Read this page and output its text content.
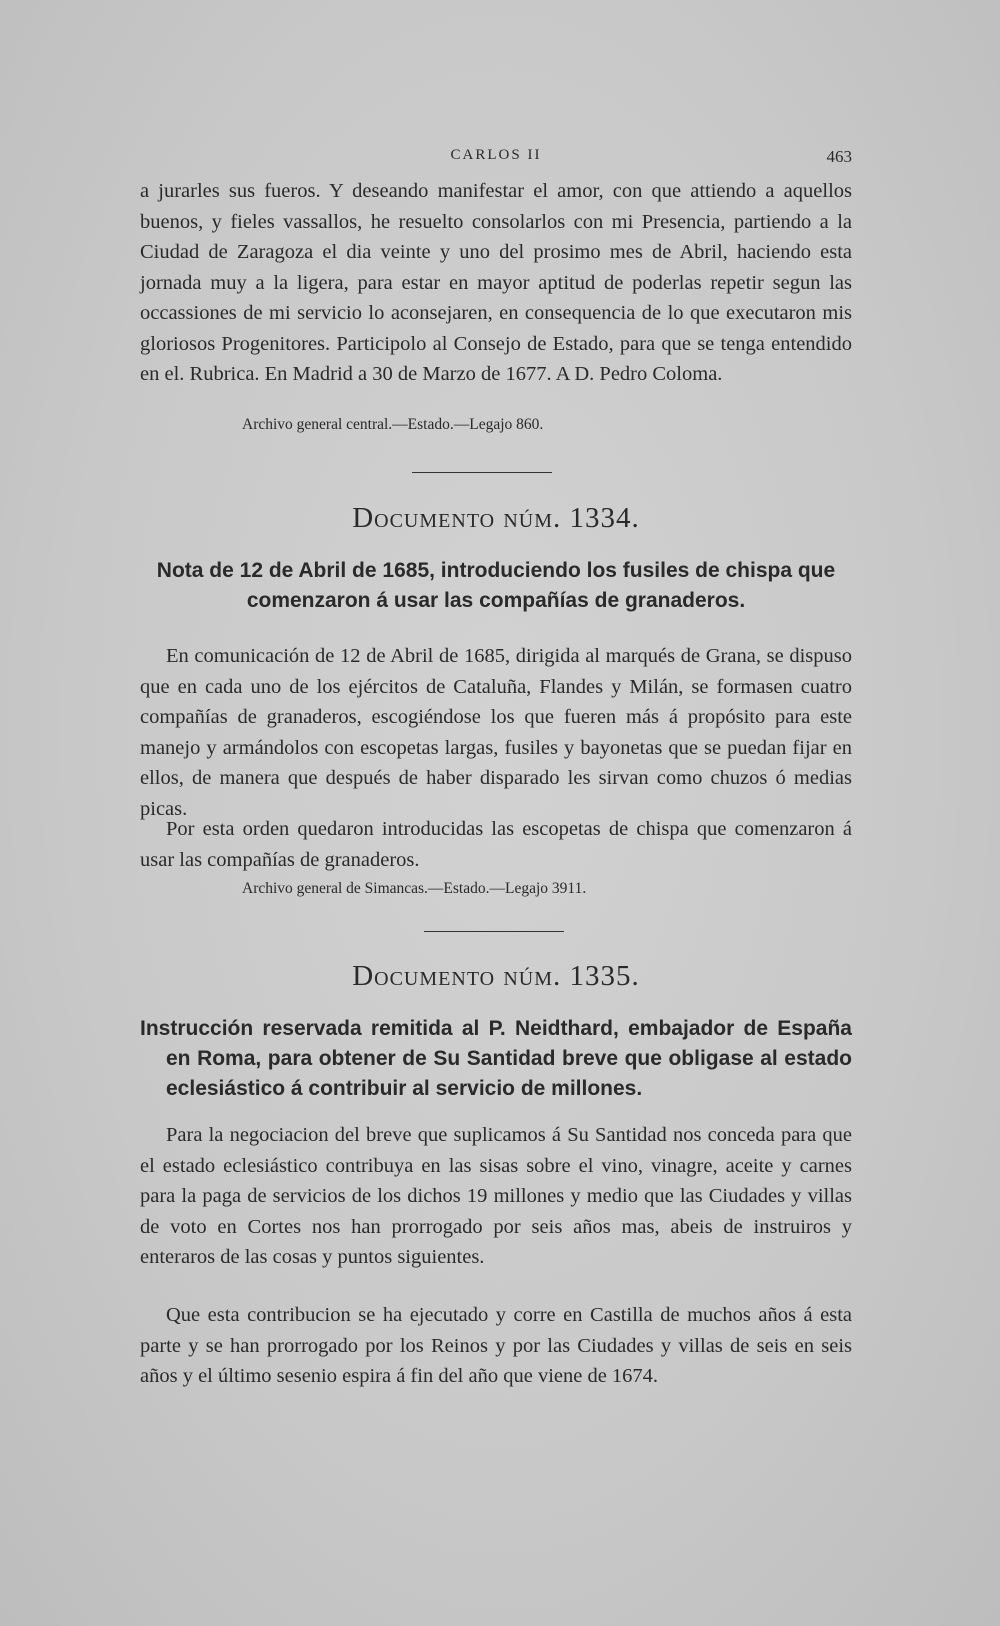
CARLOS II	463

a jurarles sus fueros. Y deseando manifestar el amor, con que attiendo a aquellos buenos, y fieles vassallos, he resuelto consolarlos con mi Presencia, partiendo a la Ciudad de Zaragoza el dia veinte y uno del prosimo mes de Abril, haciendo esta jornada muy a la ligera, para estar en mayor aptitud de poderlas repetir segun las occassiones de mi servicio lo aconsejaren, en consequencia de lo que executaron mis gloriosos Progenitores. Participolo al Consejo de Estado, para que se tenga entendido en el. Rubrica. En Madrid a 30 de Marzo de 1677. A D. Pedro Coloma.

Archivo general central.—Estado.—Legajo 860.
Documento núm. 1334.

Nota de 12 de Abril de 1685, introduciendo los fusiles de chispa que comenzaron á usar las compañías de granaderos.

En comunicación de 12 de Abril de 1685, dirigida al marqués de Grana, se dispuso que en cada uno de los ejércitos de Cataluña, Flandes y Milán, se formasen cuatro compañías de granaderos, escogiéndose los que fueren más á propósito para este manejo y armándolos con escopetas largas, fusiles y bayonetas que se puedan fijar en ellos, de manera que después de haber disparado les sirvan como chuzos ó medias picas.

Por esta orden quedaron introducidas las escopetas de chispa que comenzaron á usar las compañías de granaderos.

Archivo general de Simancas.—Estado.—Legajo 3911.
Documento núm. 1335.

Instrucción reservada remitida al P. Neidthard, embajador de España en Roma, para obtener de Su Santidad breve que obligase al estado eclesiástico á contribuir al servicio de millones.

Para la negociacion del breve que suplicamos á Su Santidad nos conceda para que el estado eclesiástico contribuya en las sisas sobre el vino, vinagre, aceite y carnes para la paga de servicios de los dichos 19 millones y medio que las Ciudades y villas de voto en Cortes nos han prorrogado por seis años mas, abeis de instruiros y enteraros de las cosas y puntos siguientes.

Que esta contribucion se ha ejecutado y corre en Castilla de muchos años á esta parte y se han prorrogado por los Reinos y por las Ciudades y villas de seis en seis años y el último sesenio espira á fin del año que viene de 1674.
